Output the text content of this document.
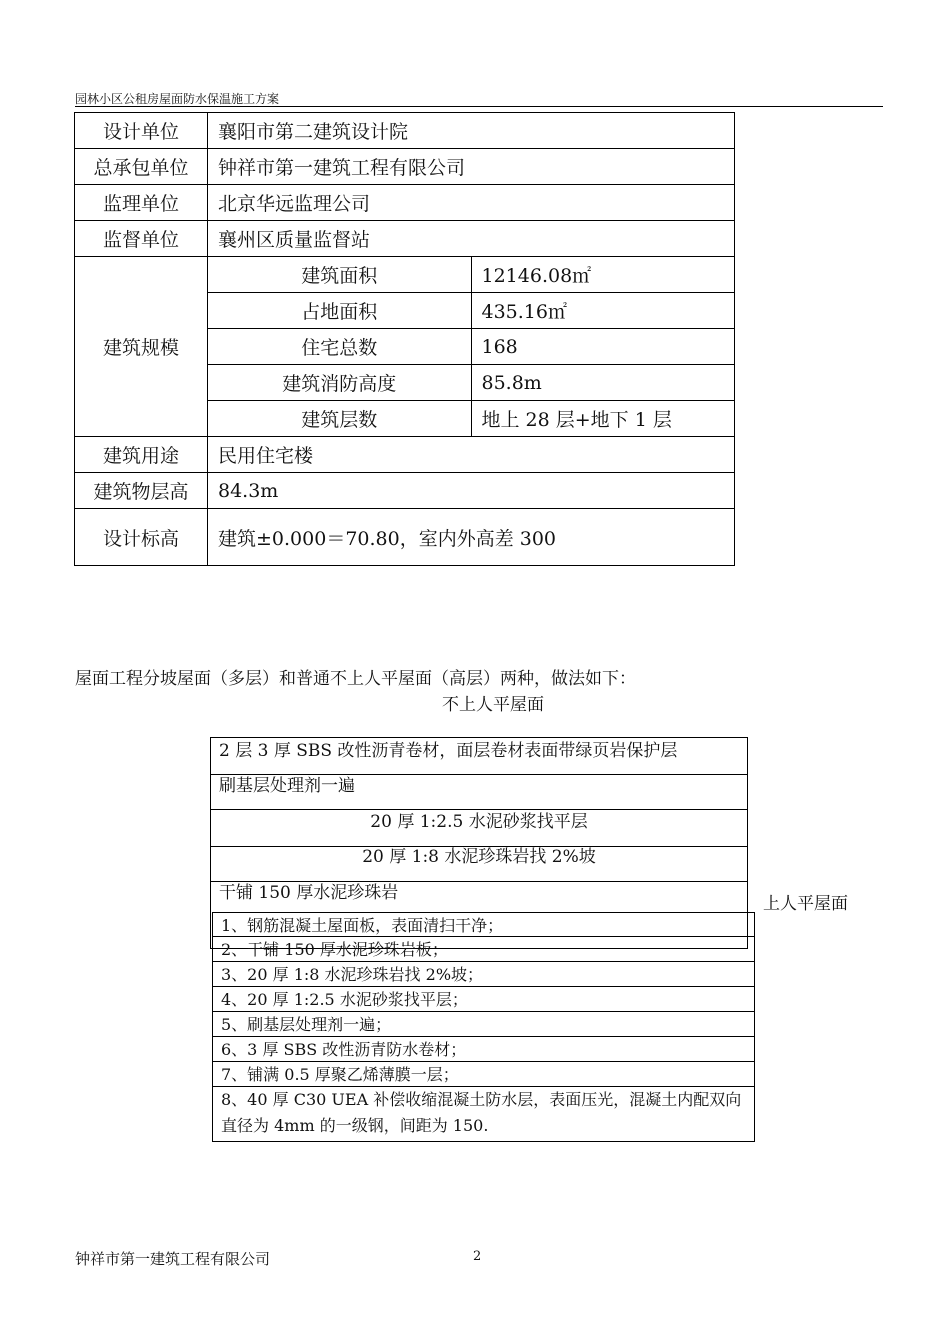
园林小区公租房屋面防水保温施工方案
设计单位	襄阳市第二建筑设计院	
总承包单位	钟祥市第一建筑工程有限公司	
监理单位	北京华远监理公司	
监督单位	襄州区质量监督站	
建筑规模	建筑面积	12146.08㎡
	占地面积	435.16㎡
	住宅总数	168
	建筑消防高度	85.8m
	建筑层数	地上 28 层+地下 1 层
建筑用途	民用住宅楼	
建筑物层高	84.3m	
设计标高	建筑±0.000＝70.80，室内外高差 300	
屋面工程分坡屋面（多层）和普通不上人平屋面（高层）两种，做法如下：
不上人平屋面
2 层 3 厚 SBS 改性沥青卷材，面层卷材表面带绿页岩保护层
刷基层处理剂一遍
20 厚 1:2.5 水泥砂浆找平层
20 厚 1:8 水泥珍珠岩找 2%坡
干铺 150 厚水泥珍珠岩
上人平屋面
1、钢筋混凝土屋面板，表面清扫干净；
2、干铺 150 厚水泥珍珠岩板；
3、20 厚 1:8 水泥珍珠岩找 2%坡；
4、20 厚 1:2.5 水泥砂浆找平层；
5、刷基层处理剂一遍；
6、3 厚 SBS 改性沥青防水卷材；
7、铺满 0.5 厚聚乙烯薄膜一层；
8、40 厚 C30 UEA 补偿收缩混凝土防水层，表面压光，混凝土内配双向直径为 4mm 的一级钢，间距为 150.
钟祥市第一建筑工程有限公司	2
